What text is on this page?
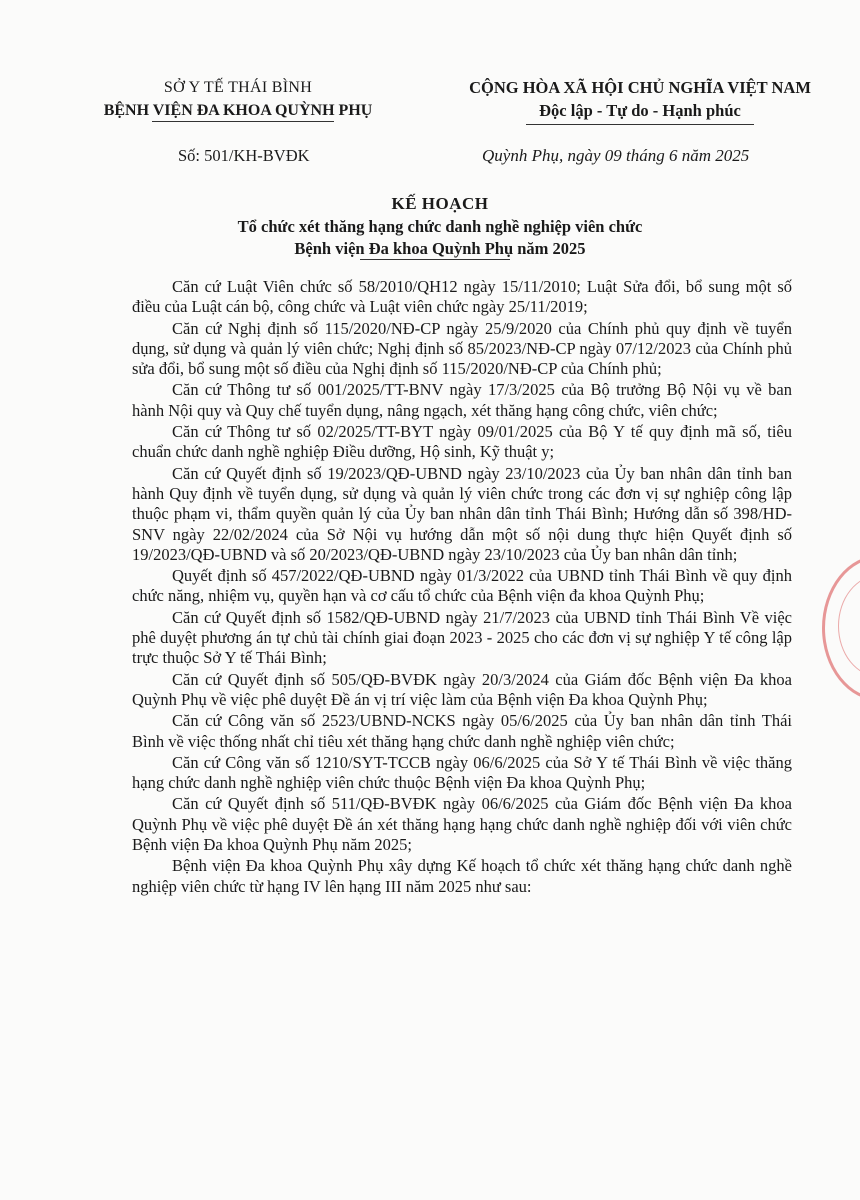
SỞ Y TẾ THÁI BÌNH
BỆNH VIỆN ĐA KHOA QUỲNH PHỤ
CỘNG HÒA XÃ HỘI CHỦ NGHĨA VIỆT NAM
Độc lập - Tự do - Hạnh phúc
Số: 501/KH-BVĐK	Quỳnh Phụ, ngày 09 tháng 6 năm 2025
KẾ HOẠCH
Tổ chức xét thăng hạng chức danh nghề nghiệp viên chức
Bệnh viện Đa khoa Quỳnh Phụ năm 2025

Căn cứ Luật Viên chức số 58/2010/QH12 ngày 15/11/2010; Luật Sửa đổi, bổ sung một số điều của Luật cán bộ, công chức và Luật viên chức ngày 25/11/2019;

Căn cứ Nghị định số 115/2020/NĐ-CP ngày 25/9/2020 của Chính phủ quy định về tuyển dụng, sử dụng và quản lý viên chức; Nghị định số 85/2023/NĐ-CP ngày 07/12/2023 của Chính phủ sửa đổi, bổ sung một số điều của Nghị định số 115/2020/NĐ-CP của Chính phủ;

Căn cứ Thông tư số 001/2025/TT-BNV ngày 17/3/2025 của Bộ trưởng Bộ Nội vụ về ban hành Nội quy và Quy chế tuyển dụng, nâng ngạch, xét thăng hạng công chức, viên chức;

Căn cứ Thông tư số 02/2025/TT-BYT ngày 09/01/2025 của Bộ Y tế quy định mã số, tiêu chuẩn chức danh nghề nghiệp Điều dưỡng, Hộ sinh, Kỹ thuật y;

Căn cứ Quyết định số 19/2023/QĐ-UBND ngày 23/10/2023 của Ủy ban nhân dân tỉnh ban hành Quy định về tuyển dụng, sử dụng và quản lý viên chức trong các đơn vị sự nghiệp công lập thuộc phạm vi, thẩm quyền quản lý của Ủy ban nhân dân tỉnh Thái Bình; Hướng dẫn số 398/HD-SNV ngày 22/02/2024 của Sở Nội vụ hướng dẫn một số nội dung thực hiện Quyết định số 19/2023/QĐ-UBND và số 20/2023/QĐ-UBND ngày 23/10/2023 của Ủy ban nhân dân tỉnh;

Quyết định số 457/2022/QĐ-UBND ngày 01/3/2022 của UBND tỉnh Thái Bình về quy định chức năng, nhiệm vụ, quyền hạn và cơ cấu tổ chức của Bệnh viện đa khoa Quỳnh Phụ;

Căn cứ Quyết định số 1582/QĐ-UBND ngày 21/7/2023 của UBND tỉnh Thái Bình Về việc phê duyệt phương án tự chủ tài chính giai đoạn 2023 - 2025 cho các đơn vị sự nghiệp Y tế công lập trực thuộc Sở Y tế Thái Bình;

Căn cứ Quyết định số 505/QĐ-BVĐK ngày 20/3/2024 của Giám đốc Bệnh viện Đa khoa Quỳnh Phụ về việc phê duyệt Đề án vị trí việc làm của Bệnh viện Đa khoa Quỳnh Phụ;

Căn cứ Công văn số 2523/UBND-NCKS ngày 05/6/2025 của Ủy ban nhân dân tỉnh Thái Bình về việc thống nhất chỉ tiêu xét thăng hạng chức danh nghề nghiệp viên chức;

Căn cứ Công văn số 1210/SYT-TCCB ngày 06/6/2025 của Sở Y tế Thái Bình về việc thăng hạng chức danh nghề nghiệp viên chức thuộc Bệnh viện Đa khoa Quỳnh Phụ;

Căn cứ Quyết định số 511/QĐ-BVĐK ngày 06/6/2025 của Giám đốc Bệnh viện Đa khoa Quỳnh Phụ về việc phê duyệt Đề án xét thăng hạng hạng chức danh nghề nghiệp đối với viên chức Bệnh viện Đa khoa Quỳnh Phụ năm 2025;

Bệnh viện Đa khoa Quỳnh Phụ xây dựng Kế hoạch tổ chức xét thăng hạng chức danh nghề nghiệp viên chức từ hạng IV lên hạng III năm 2025 như sau:
